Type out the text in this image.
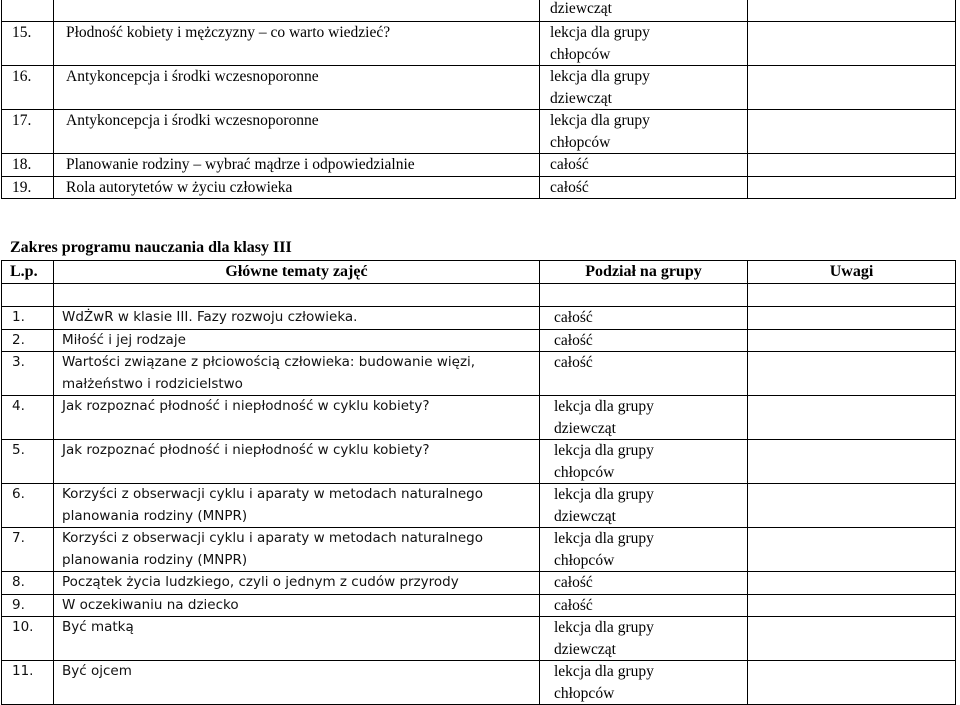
		dziewcząt	

15.	Płodność kobiety i mężczyzny – co warto wiedzieć?	lekcja dla grupy chłopców	

16.	Antykoncepcja i środki wczesnoporonne	lekcja dla grupy dziewcząt	

17.	Antykoncepcja i środki wczesnoporonne	lekcja dla grupy chłopców	

18.	Planowanie rodziny – wybrać mądrze i odpowiedzialnie	całość	

19.	Rola autorytetów w życiu człowieka	całość	

Zakres programu nauczania dla klasy III
L.p.	Główne tematy zajęć	Podział na grupy	Uwagi

1.	WdŻwR w klasie III. Fazy rozwoju człowieka.	całość	

2.	Miłość i jej rodzaje	całość	

3.	Wartości związane z płciowością człowieka: budowanie więzi, małżeństwo i rodzicielstwo	całość	

4.	Jak rozpoznać płodność i niepłodność w cyklu kobiety?	lekcja dla grupy dziewcząt	

5.	Jak rozpoznać płodność i niepłodność w cyklu kobiety?	lekcja dla grupy chłopców	

6.	Korzyści z obserwacji cyklu i aparaty w metodach naturalnego planowania rodziny (MNPR)	lekcja dla grupy dziewcząt	

7.	Korzyści z obserwacji cyklu i aparaty w metodach naturalnego planowania rodziny (MNPR)	lekcja dla grupy chłopców	

8.	Początek życia ludzkiego, czyli o jednym z cudów przyrody	całość	

9.	W oczekiwaniu na dziecko	całość	

10.	Być matką	lekcja dla grupy dziewcząt	

11.	Być ojcem	lekcja dla grupy chłopców	
